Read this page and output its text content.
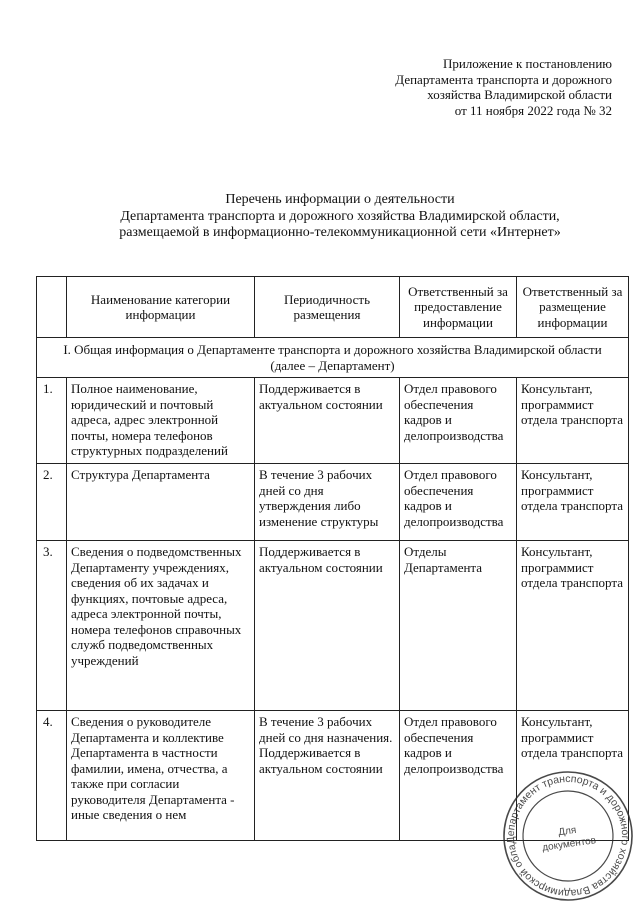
Приложение к постановлению
Департамента транспорта и дорожного
хозяйства Владимирской области
от 11 ноября 2022 года № 32
Перечень информации о деятельности
Департамента транспорта и дорожного хозяйства Владимирской области,
размещаемой в информационно-телекоммуникационной сети «Интернет»
	Наименование категории информации	Периодичность размещения	Ответственный за предоставление информации	Ответственный за размещение информации
I. Общая информация о Департаменте транспорта и дорожного хозяйства Владимирской области (далее – Департамент)				
1.	Полное наименование, юридический и почтовый адреса, адрес электронной почты, номера телефонов структурных подразделений	Поддерживается в актуальном состоянии	Отдел правового обеспечения кадров и делопроизводства	Консультант, программист отдела транспорта
2.	Структура Департамента	В течение 3 рабочих дней со дня утверждения либо изменение структуры	Отдел правового обеспечения кадров и делопроизводства	Консультант, программист отдела транспорта
3.	Сведения о подведомственных Департаменту учреждениях, сведения об их задачах и функциях, почтовые адреса, адреса электронной почты, номера телефонов справочных служб подведомственных учреждений	Поддерживается в актуальном состоянии	Отделы Департамента	Консультант, программист отдела транспорта
4.	Сведения о руководителе Департамента и коллективе Департамента в частности фамилии, имена, отчества, а также при согласии руководителя Департамента - иные сведения о нем	В течение 3 рабочих дней со дня назначения. Поддерживается в актуальном состоянии	Отдел правового обеспечения кадров и делопроизводства	Консультант, программист отдела транспорта
Департамент транспорта и дорожного хозяйства Владимирской области
Для
документов
